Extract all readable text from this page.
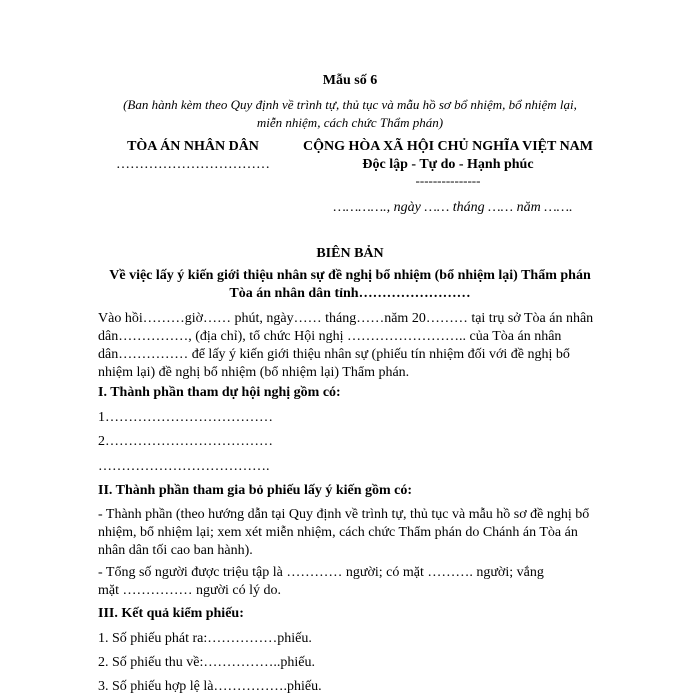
Mẫu số 6
(Ban hành kèm theo Quy định về trình tự, thủ tục và mẫu hồ sơ bổ nhiệm, bổ nhiệm lại,
miễn nhiệm, cách chức Thẩm phán)
TÒA ÁN NHÂN DÂN
……………………………
CỘNG HÒA XÃ HỘI CHỦ NGHĨA VIỆT NAM
Độc lập - Tự do - Hạnh phúc
---------------
…………., ngày …… tháng …… năm …….
BIÊN BẢN
Về việc lấy ý kiến giới thiệu nhân sự đề nghị bổ nhiệm (bổ nhiệm lại) Thẩm phán
Tòa án nhân dân tỉnh……………………
Vào hồi………giờ…… phút, ngày…… tháng……năm 20……… tại trụ sở Tòa án nhân
dân……………, (địa chỉ), tổ chức Hội nghị …………………….. của Tòa án nhân
dân…………… để lấy ý kiến giới thiệu nhân sự (phiếu tín nhiệm đối với đề nghị bổ
nhiệm lại) đề nghị bổ nhiệm (bổ nhiệm lại) Thẩm phán.
I. Thành phần tham dự hội nghị gồm có:
1………………………………
2………………………………
……………………………….
II. Thành phần tham gia bỏ phiếu lấy ý kiến gồm có:
- Thành phần (theo hướng dẫn tại Quy định về trình tự, thủ tục và mẫu hồ sơ đề nghị bổ
nhiệm, bổ nhiệm lại; xem xét miễn nhiệm, cách chức Thẩm phán do Chánh án Tòa án
nhân dân tối cao ban hành).
- Tổng số người được triệu tập là ………… người; có mặt ………. người; vắng
mặt …………… người có lý do.
III. Kết quả kiểm phiếu:
1. Số phiếu phát ra:……………phiếu.
2. Số phiếu thu về:……………..phiếu.
3. Số phiếu hợp lệ là…………….phiếu.
